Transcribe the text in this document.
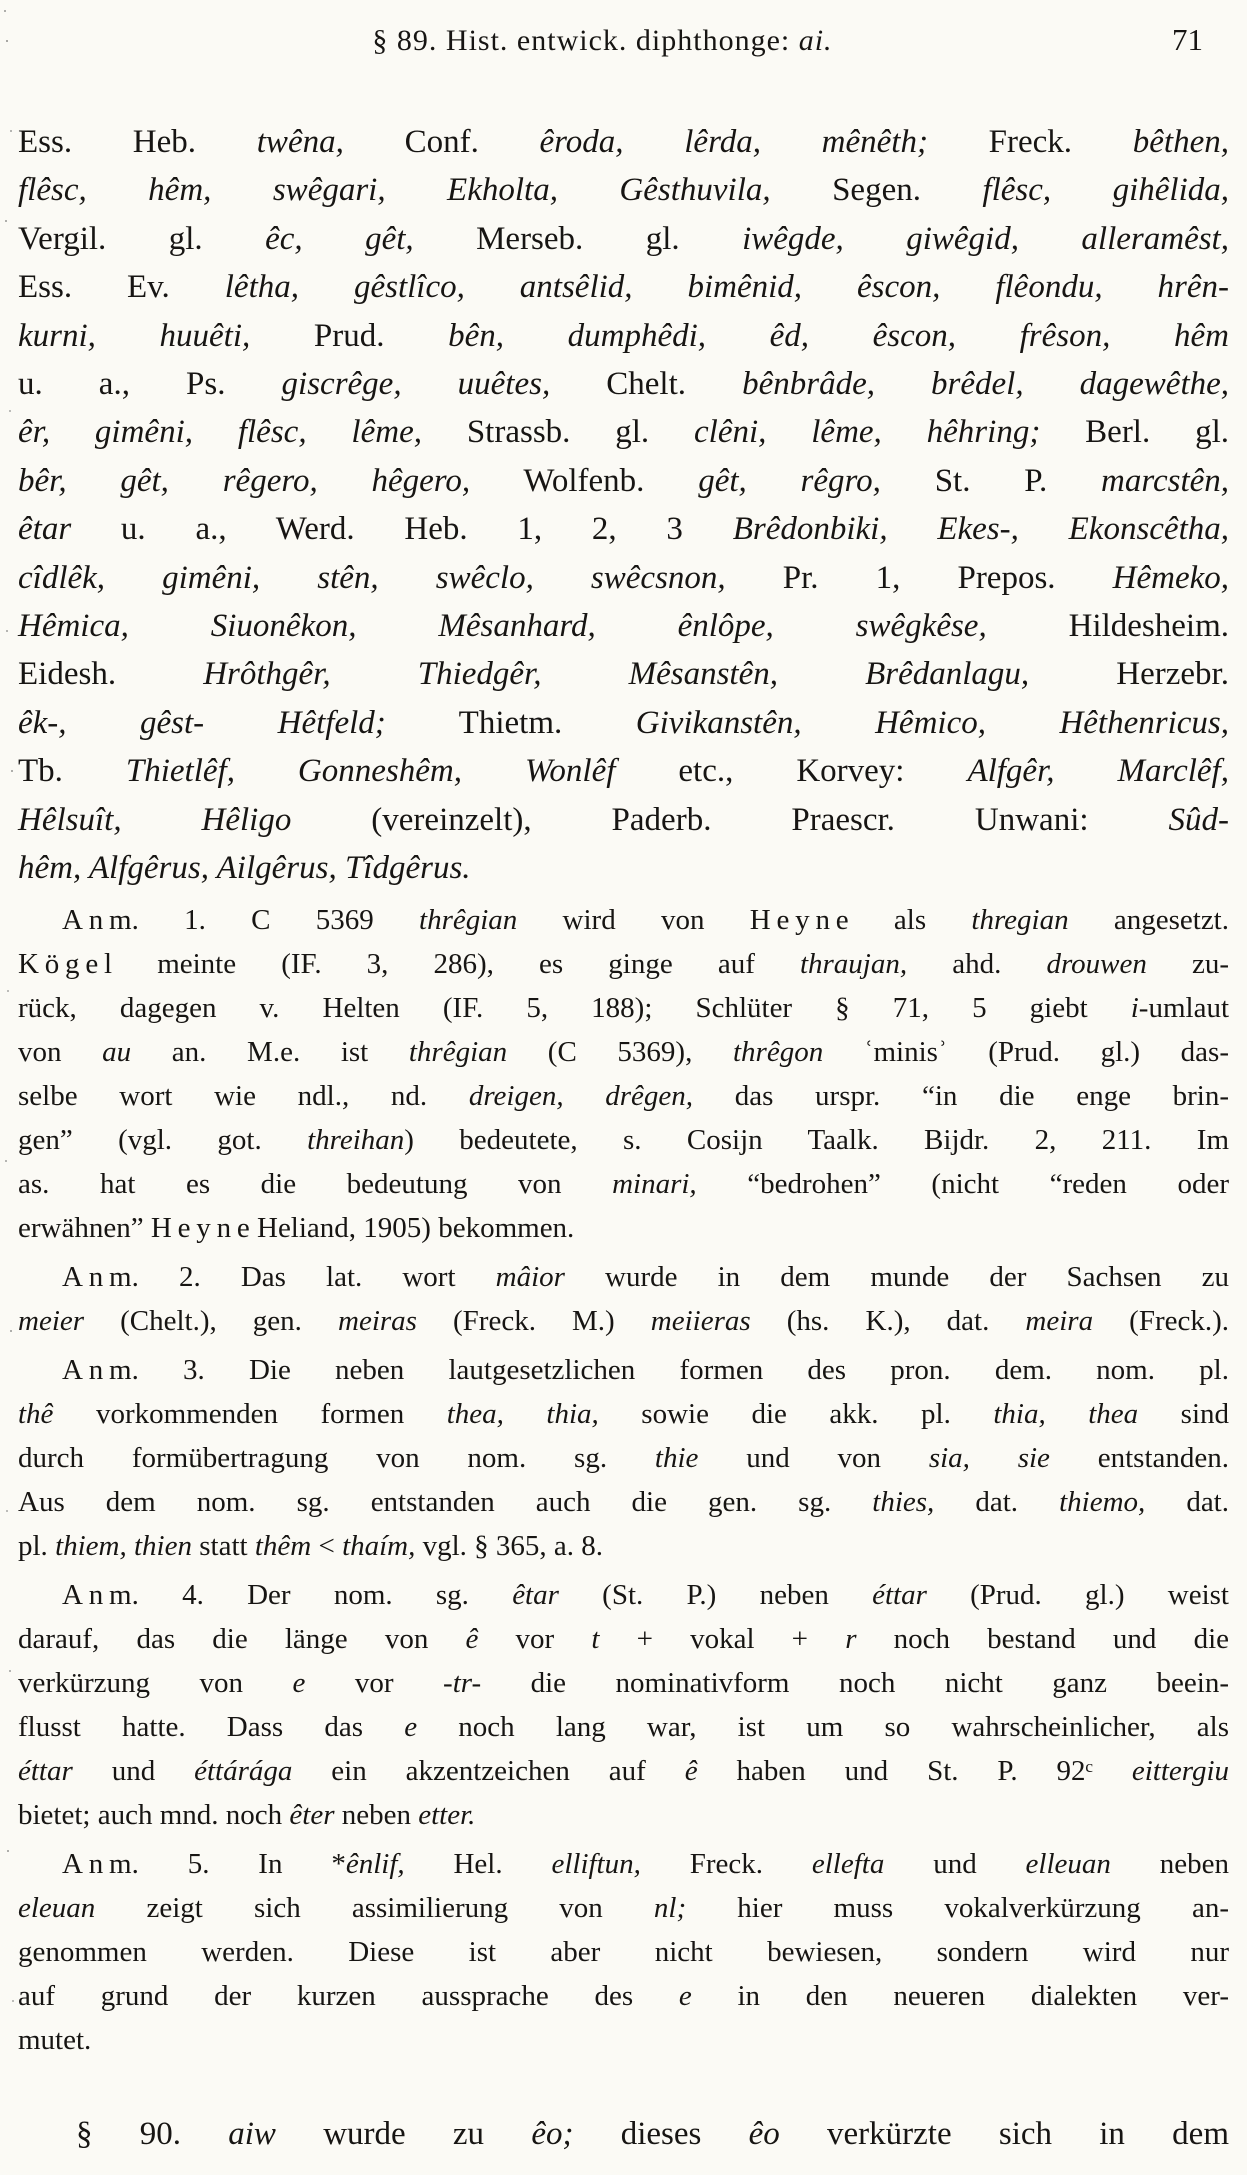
§ 89. Hist. entwick. diphthonge: ai.	71
Ess. Heb. twêna, Conf. êroda, lêrda, mênêth; Freck. bêthen,
flêsc, hêm, swêgari, Ekholta, Gêsthuvila, Segen. flêsc, gihêlida,
Vergil. gl. êc, gêt, Merseb. gl. iwêgde, giwêgid, alleramêst,
Ess. Ev. lêtha, gêstlîco, antsêlid, bimênid, êscon, flêondu, hrên-
kurni, huuêti, Prud. bên, dumphêdi, êd, êscon, frêson, hêm
u. a., Ps. giscrêge, uuêtes, Chelt. bênbrâde, brêdel, dagewêthe,
êr, gimêni, flêsc, lême, Strassb. gl. clêni, lême, hêhring; Berl. gl.
bêr, gêt, rêgero, hêgero, Wolfenb. gêt, rêgro, St. P. marcstên,
êtar u. a., Werd. Heb. 1, 2, 3 Brêdonbiki, Ekes-, Ekonscêtha,
cîdlêk, gimêni, stên, swêclo, swêcsnon, Pr. 1, Prepos. Hêmeko,
Hêmica, Siuonêkon, Mêsanhard, ênlôpe, swêgkêse, Hildesheim.
Eidesh. Hrôthgêr, Thiedgêr, Mêsanstên, Brêdanlagu, Herzebr.
êk-, gêst- Hêtfeld; Thietm. Givikanstên, Hêmico, Hêthenricus,
Tb. Thietlêf, Gonneshêm, Wonlêf etc., Korvey: Alfgêr, Marclêf,
Hêlsuît, Hêligo (vereinzelt), Paderb. Praescr. Unwani: Sûd-
hêm, Alfgêrus, Ailgêrus, Tîdgêrus.
A n m. 1. C 5369 thrêgian wird von H e y n e als thregian angesetzt.
K ö g e l meinte (IF. 3, 286), es ginge auf thraujan, ahd. drouwen zu-
rück, dagegen v. Helten (IF. 5, 188); Schlüter § 71, 5 giebt i-umlaut
von au an. M.e. ist thrêgian (C 5369), thrêgon ʿminisʾ (Prud. gl.) das-
selbe wort wie ndl., nd. dreigen, drêgen, das urspr. “in die enge brin-
gen” (vgl. got. threihan) bedeutete, s. Cosijn Taalk. Bijdr. 2, 211. Im
as. hat es die bedeutung von minari, “bedrohen” (nicht “reden oder
erwähnen” H e y n e Heliand, 1905) bekommen.
A n m. 2. Das lat. wort mâior wurde in dem munde der Sachsen zu
meier (Chelt.), gen. meiras (Freck. M.) meiieras (hs. K.), dat. meira (Freck.).
A n m. 3. Die neben lautgesetzlichen formen des pron. dem. nom. pl.
thê vorkommenden formen thea, thia, sowie die akk. pl. thia, thea sind
durch formübertragung von nom. sg. thie und von sia, sie entstanden.
Aus dem nom. sg. entstanden auch die gen. sg. thies, dat. thiemo, dat.
pl. thiem, thien statt thêm < thaím, vgl. § 365, a. 8.
A n m. 4. Der nom. sg. êtar (St. P.) neben éttar (Prud. gl.) weist
darauf, das die länge von ê vor t + vokal + r noch bestand und die
verkürzung von e vor -tr- die nominativform noch nicht ganz beein-
flusst hatte. Dass das e noch lang war, ist um so wahrscheinlicher, als
éttar und éttárága ein akzentzeichen auf ê haben und St. P. 92ᶜ eittergiu
bietet; auch mnd. noch êter neben etter.
A n m. 5. In *ênlif, Hel. elliftun, Freck. ellefta und elleuan neben
eleuan zeigt sich assimilierung von nl; hier muss vokalverkürzung an-
genommen werden. Diese ist aber nicht bewiesen, sondern wird nur
auf grund der kurzen aussprache des e in den neueren dialekten ver-
mutet.
§ 90. aiw wurde zu êo; dieses êo verkürzte sich in dem
